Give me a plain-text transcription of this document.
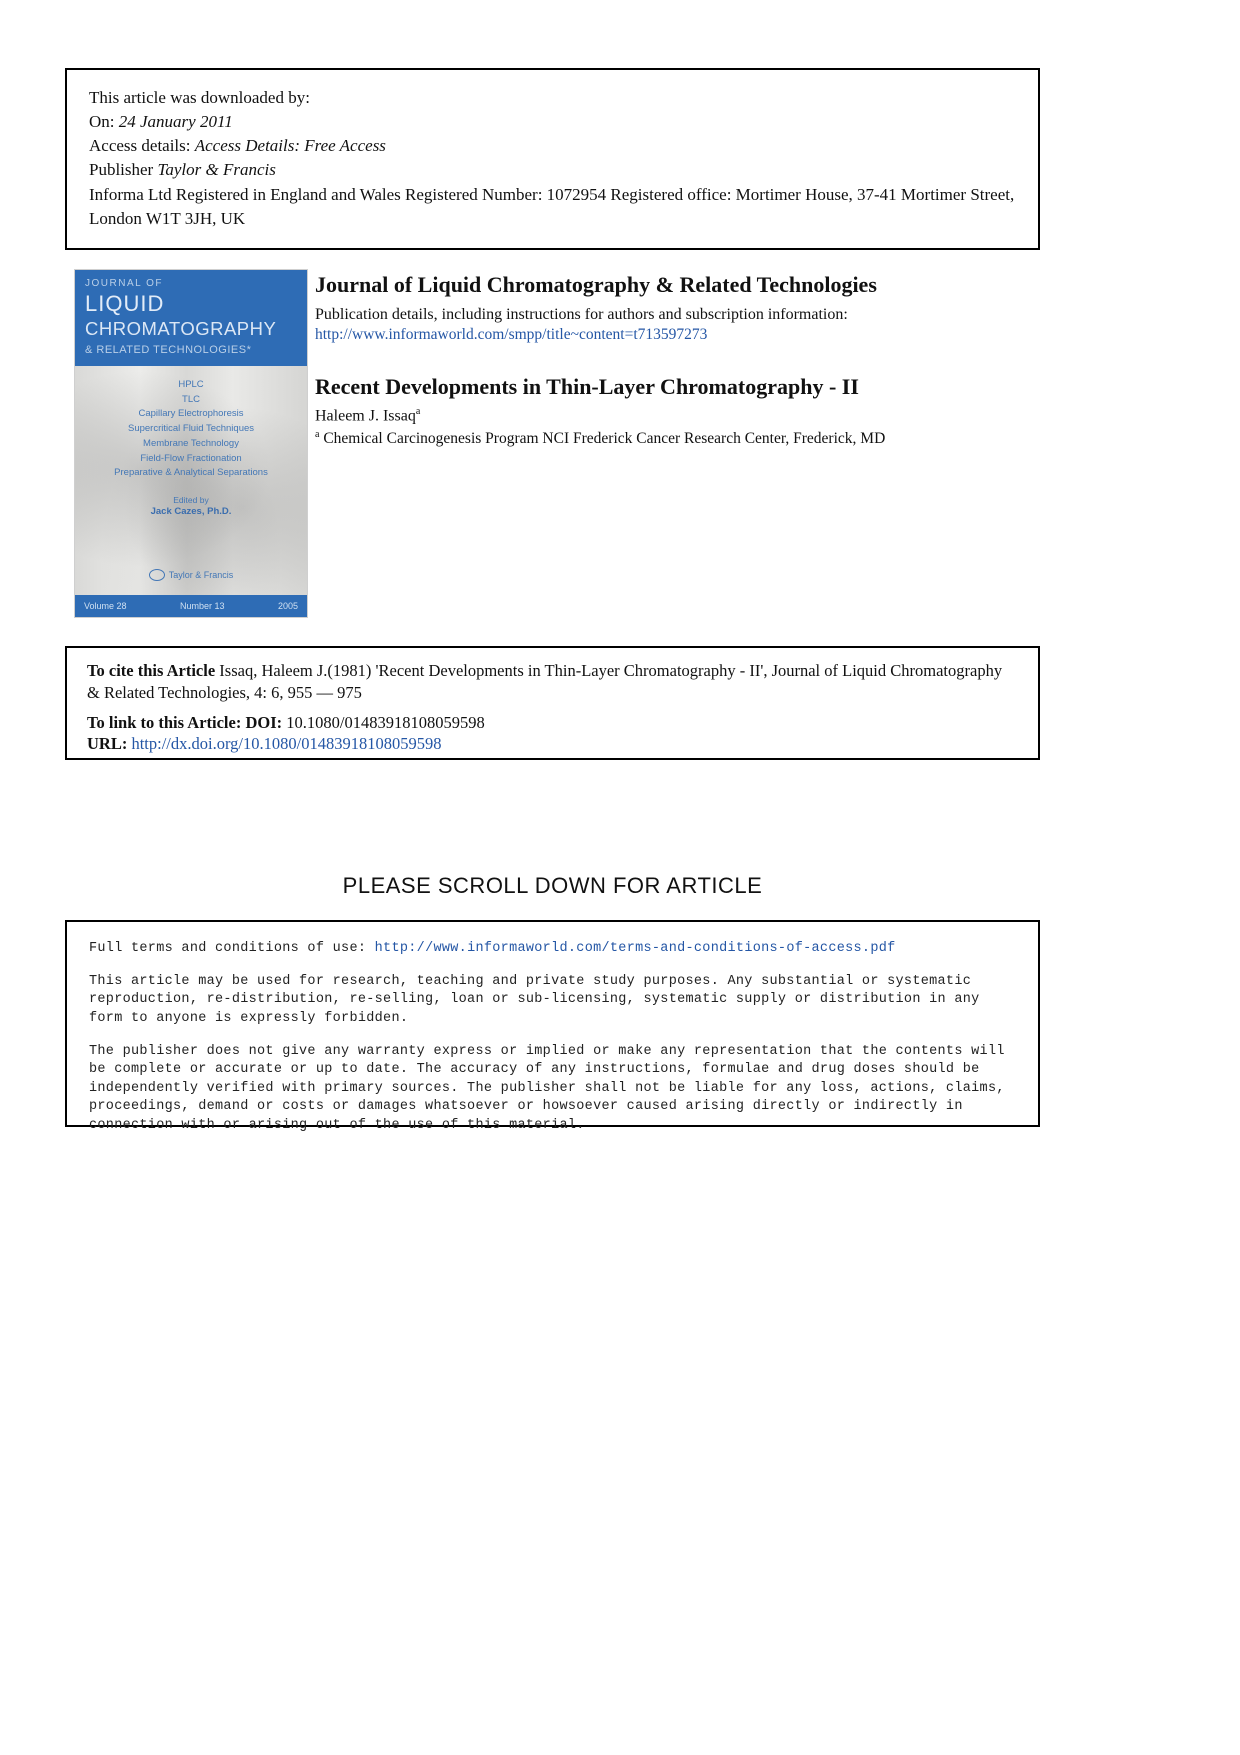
This article was downloaded by:
On: 24 January 2011
Access details: Access Details: Free Access
Publisher Taylor & Francis
Informa Ltd Registered in England and Wales Registered Number: 1072954 Registered office: Mortimer House, 37-41 Mortimer Street, London W1T 3JH, UK
JOURNAL OF
LIQUID
CHROMATOGRAPHY
& RELATED TECHNOLOGIES*
HPLC
TLC
Capillary Electrophoresis
Supercritical Fluid Techniques
Membrane Technology
Field-Flow Fractionation
Preparative & Analytical Separations
Edited by
Jack Cazes, Ph.D.
Taylor & Francis
Volume 28	Number 13	2005
Journal of Liquid Chromatography & Related Technologies

Publication details, including instructions for authors and subscription information:

http://www.informaworld.com/smpp/title~content=t713597273
Recent Developments in Thin-Layer Chromatography - II

Haleem J. Issaq$^a$

$^a$ Chemical Carcinogenesis Program NCI Frederick Cancer Research Center, Frederick, MD

To cite this Article Issaq, Haleem J.(1981) 'Recent Developments in Thin-Layer Chromatography - II', Journal of Liquid Chromatography & Related Technologies, 4: 6, 955 — 975

To link to this Article: DOI: 10.1080/01483918108059598

URL: http://dx.doi.org/10.1080/01483918108059598

PLEASE SCROLL DOWN FOR ARTICLE

Full terms and conditions of use: http://www.informaworld.com/terms-and-conditions-of-access.pdf

This article may be used for research, teaching and private study purposes. Any substantial or systematic reproduction, re-distribution, re-selling, loan or sub-licensing, systematic supply or distribution in any form to anyone is expressly forbidden.

The publisher does not give any warranty express or implied or make any representation that the contents will be complete or accurate or up to date. The accuracy of any instructions, formulae and drug doses should be independently verified with primary sources. The publisher shall not be liable for any loss, actions, claims, proceedings, demand or costs or damages whatsoever or howsoever caused arising directly or indirectly in connection with or arising out of the use of this material.
